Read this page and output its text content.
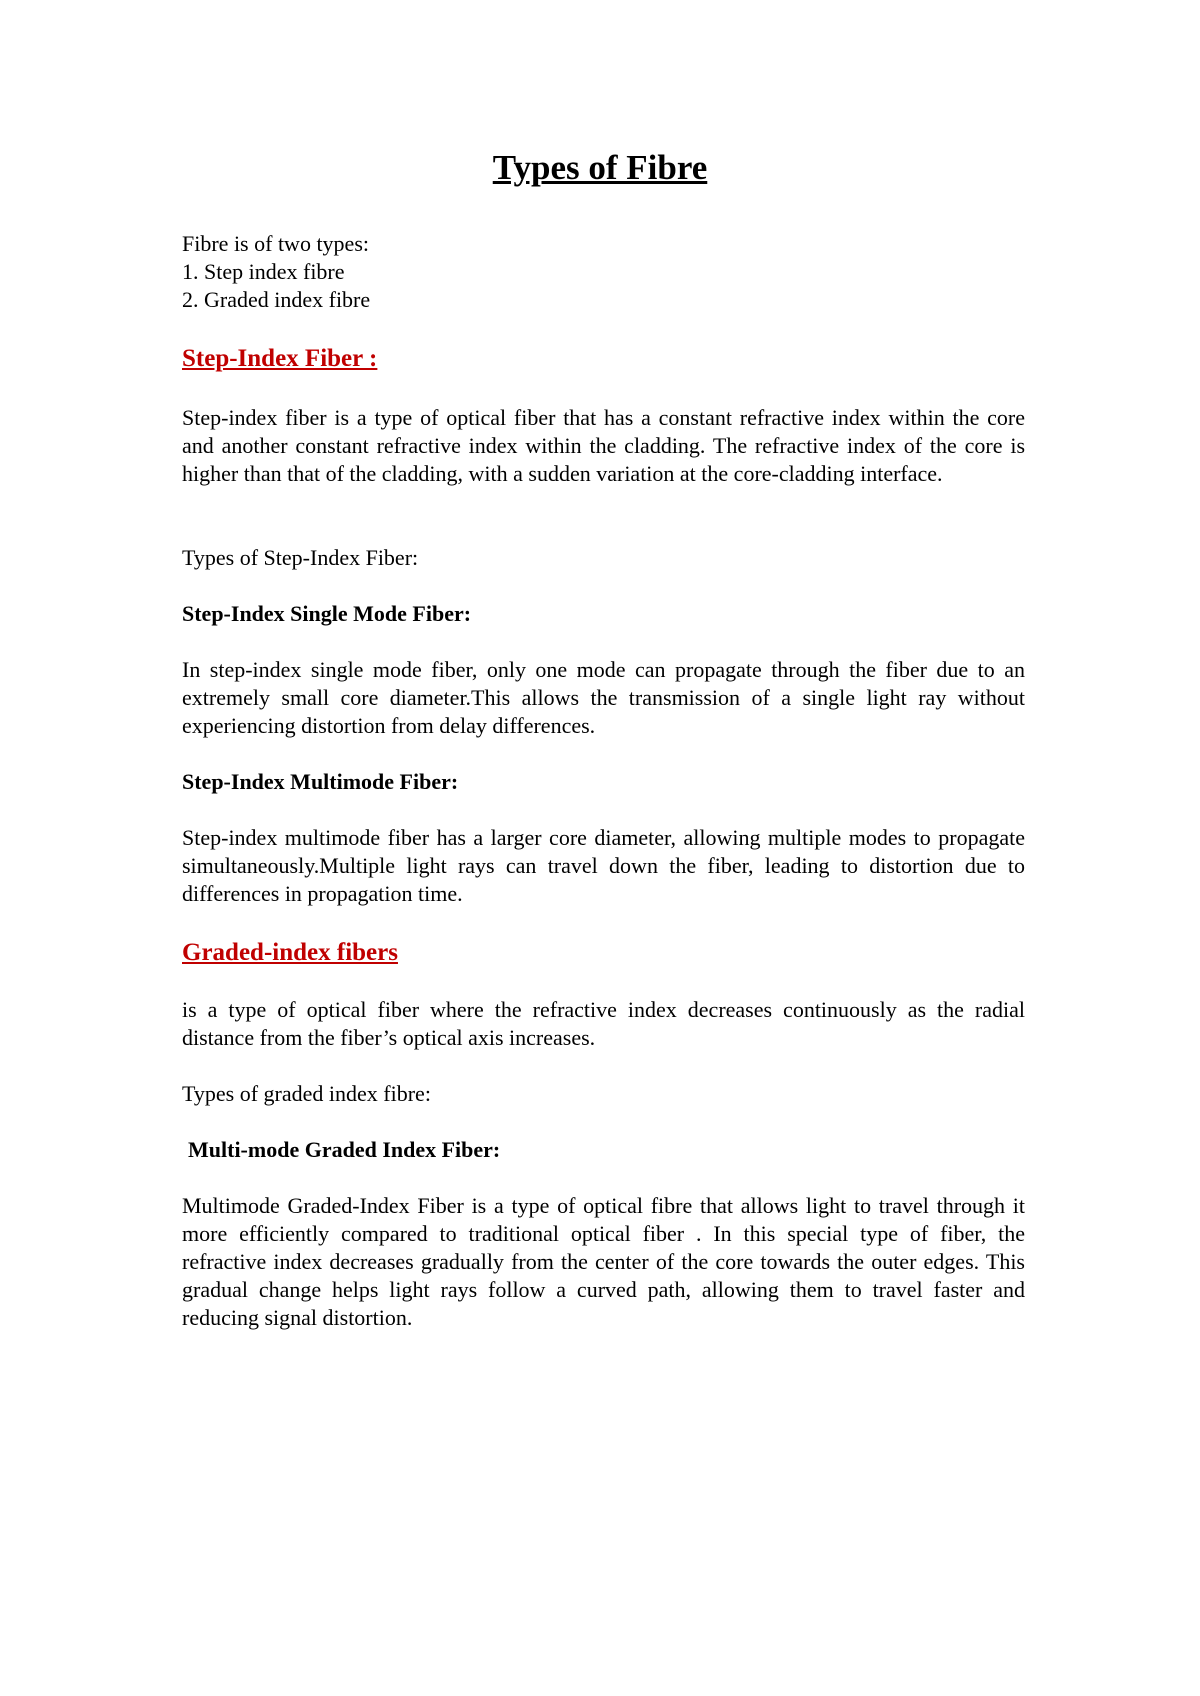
Types of Fibre

Fibre is of two types:

1. Step index fibre

2. Graded index fibre

Step-Index Fiber :

Step-index fiber is a type of optical fiber that has a constant refractive index within the core and another constant refractive index within the cladding. The refractive index of the core is higher than that of the cladding, with a sudden variation at the core-cladding interface.

Types of Step-Index Fiber:

Step-Index Single Mode Fiber:

In step-index single mode fiber, only one mode can propagate through the fiber due to an extremely small core diameter.This allows the transmission of a single light ray without experiencing distortion from delay differences.

Step-Index Multimode Fiber:

Step-index multimode fiber has a larger core diameter, allowing multiple modes to propagate simultaneously.Multiple light rays can travel down the fiber, leading to distortion due to differences in propagation time.

Graded-index fibers

is a type of optical fiber where the refractive index decreases continuously as the radial distance from the fiber’s optical axis increases.

Types of graded index fibre:

Multi-mode Graded Index Fiber:

Multimode Graded-Index Fiber is a type of optical fibre that allows light to travel through it more efficiently compared to traditional optical fiber . In this special type of fiber, the refractive index decreases gradually from the center of the core towards the outer edges. This gradual change helps light rays follow a curved path, allowing them to travel faster and reducing signal distortion.
